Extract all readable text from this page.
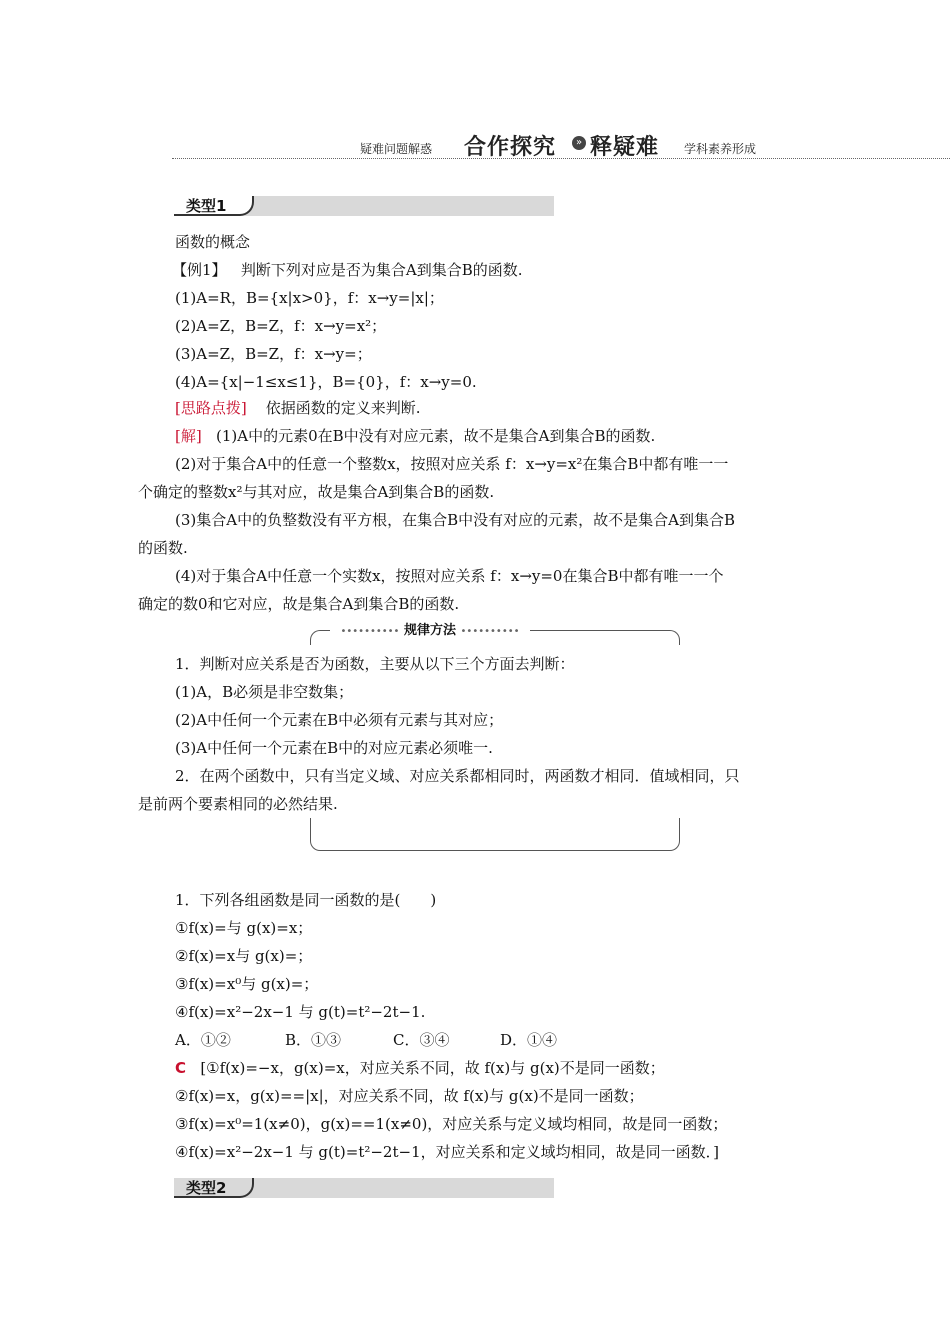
疑难问题解惑 合作探究	» 释疑难 学科素养形成
类型1
函数的概念
【例1】 判断下列对应是否为集合A到集合B的函数.
(1)A=R，B={x|x>0}，f：x→y=|x|；
(2)A=Z，B=Z，f：x→y=x²；
(3)A=Z，B=Z，f：x→y=；
(4)A={x|−1≤x≤1}，B={0}，f：x→y=0.
[思路点拨] 依据函数的定义来判断.
[解] (1)A中的元素0在B中没有对应元素，故不是集合A到集合B的函数.
(2)对于集合A中的任意一个整数x，按照对应关系 f：x→y=x²在集合B中都有唯一一
个确定的整数x²与其对应，故是集合A到集合B的函数.
(3)集合A中的负整数没有平方根，在集合B中没有对应的元素，故不是集合A到集合B
的函数.
(4)对于集合A中任意一个实数x，按照对应关系 f：x→y=0在集合B中都有唯一一个
确定的数0和它对应，故是集合A到集合B的函数.
•••••••••• 规律方法 ••••••••••
1．判断对应关系是否为函数，主要从以下三个方面去判断：
(1)A，B必须是非空数集；
(2)A中任何一个元素在B中必须有元素与其对应；
(3)A中任何一个元素在B中的对应元素必须唯一.
2．在两个函数中，只有当定义域、对应关系都相同时，两函数才相同．值域相同，只
是前两个要素相同的必然结果.
1．下列各组函数是同一函数的是(　　)
①f(x)=与 g(x)=x；
②f(x)=x与 g(x)=；
③f(x)=x⁰与 g(x)=；
④f(x)=x²−2x−1 与 g(t)=t²−2t−1.
A．①②	B．①③	C．③④	D．①④
C [①f(x)=−x，g(x)=x，对应关系不同，故 f(x)与 g(x)不是同一函数；
②f(x)=x，g(x)==|x|，对应关系不同，故 f(x)与 g(x)不是同一函数；
③f(x)=x⁰=1(x≠0)，g(x)==1(x≠0)，对应关系与定义域均相同，故是同一函数；
④f(x)=x²−2x−1 与 g(t)=t²−2t−1，对应关系和定义域均相同，故是同一函数．]
类型2
